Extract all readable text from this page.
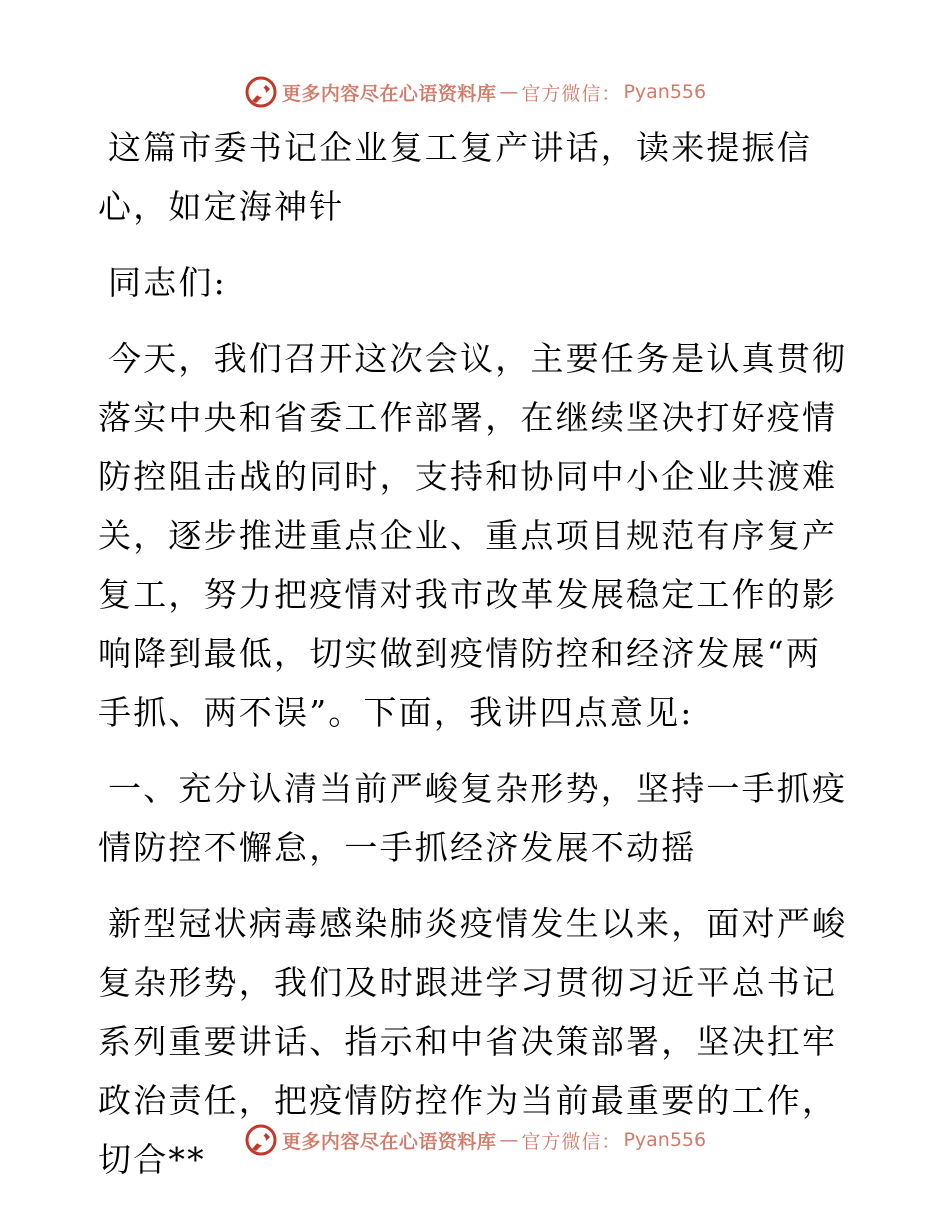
更多内容尽在心语资料库 — 官方微信： Pyan556

这篇市委书记企业复工复产讲话，读来提振信心，如定海神针

同志们:

今天，我们召开这次会议，主要任务是认真贯彻落实中央和省委工作部署，在继续坚决打好疫情防控阻击战的同时，支持和协同中小企业共渡难关，逐步推进重点企业、重点项目规范有序复产复工，努力把疫情对我市改革发展稳定工作的影响降到最低，切实做到疫情防控和经济发展“两手抓、两不误”。下面，我讲四点意见:

一、充分认清当前严峻复杂形势，坚持一手抓疫情防控不懈怠，一手抓经济发展不动摇

新型冠状病毒感染肺炎疫情发生以来，面对严峻复杂形势，我们及时跟进学习贯彻习近平总书记系列重要讲话、指示和中省决策部署，坚决扛牢政治责任，把疫情防控作为当前最重要的工作，切合**	更多内容尽在心语资料库 — 官方微信： Pyan556
